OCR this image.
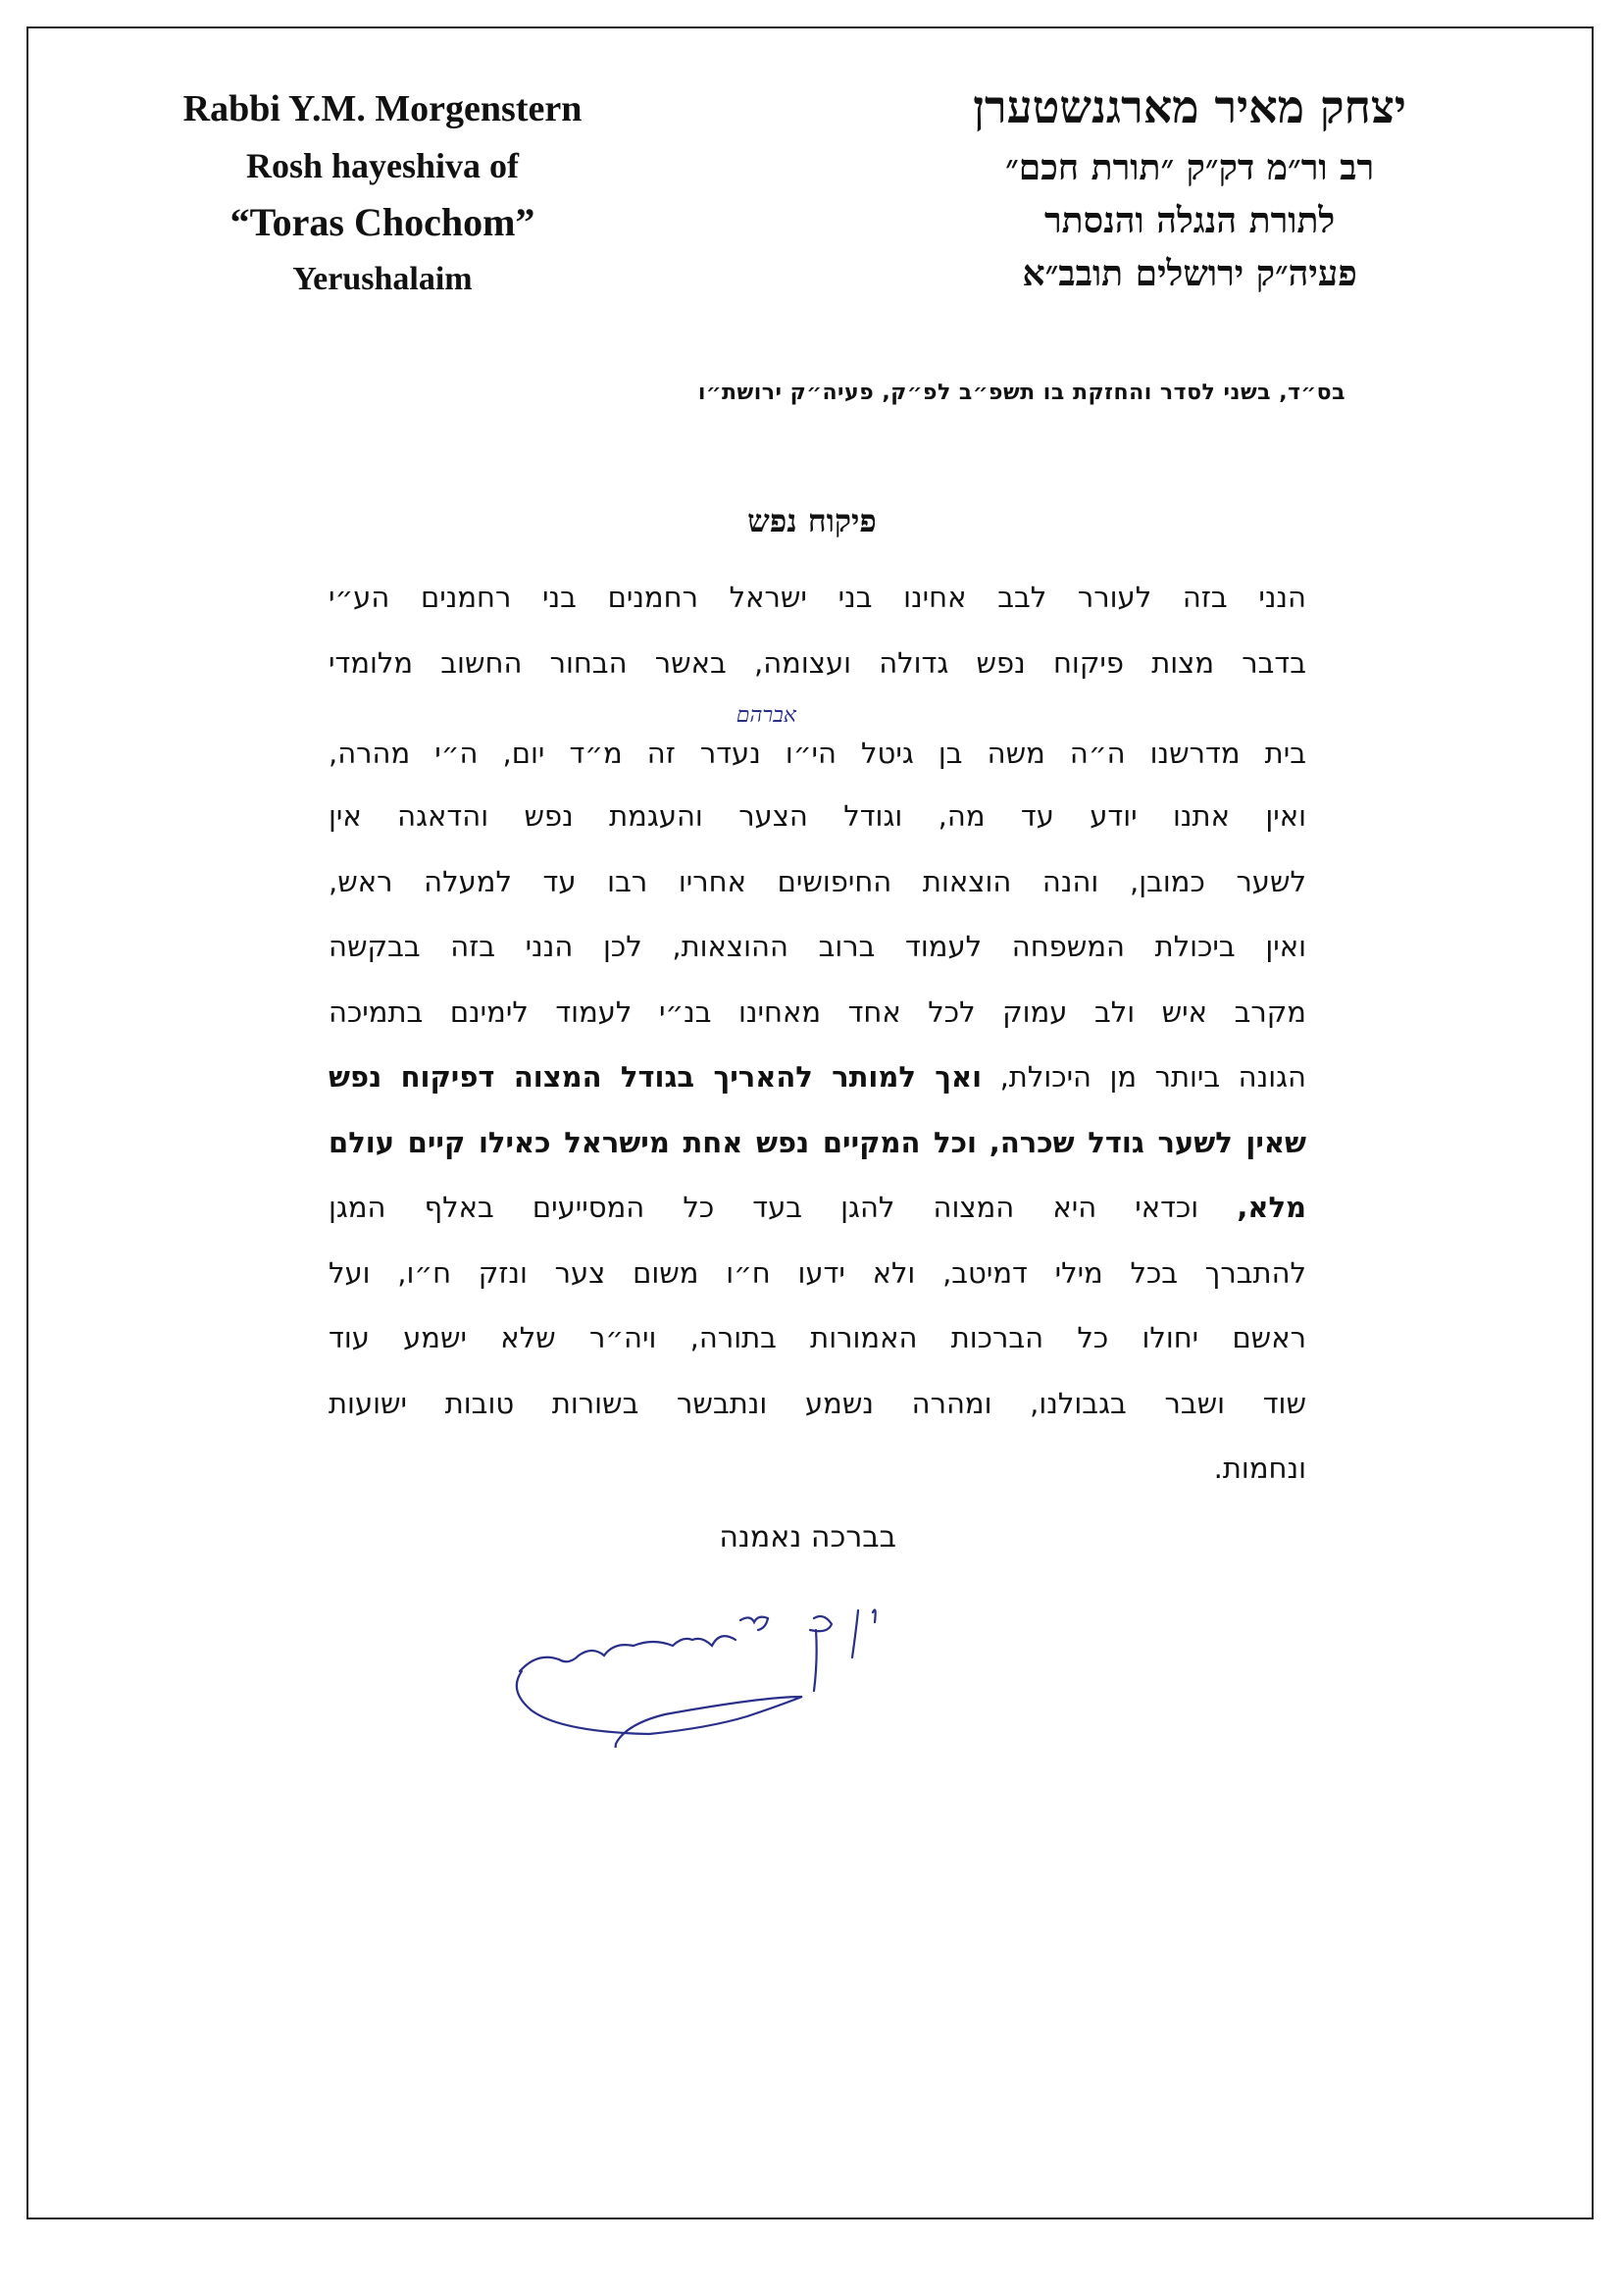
Rabbi Y.M. Morgenstern
Rosh hayeshiva of
“Toras Chochom”
Yerushalaim
יצחק מאיר מארגנשטערן
רב ור״מ דק״ק ״תורת חכם״
לתורת הנגלה והנסתר
פעיה״ק ירושלים תובב״א
בס״ד, בשני לסדר והחזקת בו תשפ״ב לפ״ק, פעיה״ק ירושת״ו
פיקוח נפש
הנני בזה לעורר לבב אחינו בני ישראל רחמנים בני רחמנים הע״י
בדבר מצות פיקוח נפש גדולה ועצומה, באשר הבחור החשוב מלומדי
אברהם
בית מדרשנו ה״ה משה בן גיטל הי״ו נעדר זה מ״ד יום, ה״י מהרה,
ואין אתנו יודע עד מה, וגודל הצער והעגמת נפש והדאגה אין
לשער כמובן, והנה הוצאות החיפושים אחריו רבו עד למעלה ראש,
ואין ביכולת המשפחה לעמוד ברוב ההוצאות, לכן הנני בזה בבקשה
מקרב איש ולב עמוק לכל אחד מאחינו בנ״י לעמוד לימינם בתמיכה
הגונה ביותר מן היכולת, ואך למותר להאריך בגודל המצוה דפיקוח נפש
שאין לשער גודל שכרה, וכל המקיים נפש אחת מישראל כאילו קיים עולם
מלא, וכדאי היא המצוה להגן בעד כל המסייעים באלף המגן
להתברך בכל מילי דמיטב, ולא ידעו ח״ו משום צער ונזק ח״ו, ועל
ראשם יחולו כל הברכות האמורות בתורה, ויה״ר שלא ישמע עוד
שוד ושבר בגבולנו, ומהרה נשמע ונתבשר בשורות טובות ישועות
ונחמות.
בברכה נאמנה
